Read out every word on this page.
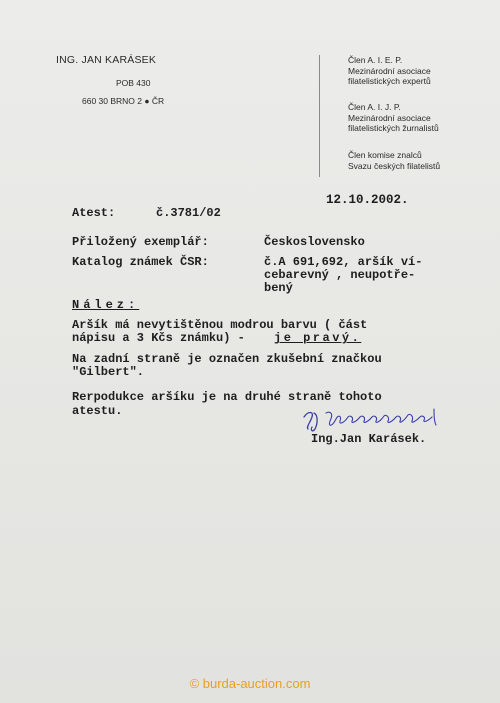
ING. JAN KARÁSEK
POB 430
660 30 BRNO 2 ● ČR
Člen A. I. E. P.
Mezinárodní asociace
filatelistických expertů
Člen A. I. J. P.
Mezinárodní asociace
filatelistických žurnalistů
Člen komise znalců
Svazu českých filatelistů
12.10.2002.
Atest:	č.3781/02
Přiložený exemplář:	Československo
Katalog známek ČSR:	č.A 691,692, aršík ví-
cebarevný , neupotře-
bený
Nález:
Aršík má nevytištěnou modrou barvu ( část
nápisu a 3 Kčs známku) - je pravý.
Na zadní straně je označen zkušební značkou
"Gilbert".
Rerpodukce aršíku je na druhé straně tohoto
atestu.
Ing.Jan Karásek.
© burda-auction.com
